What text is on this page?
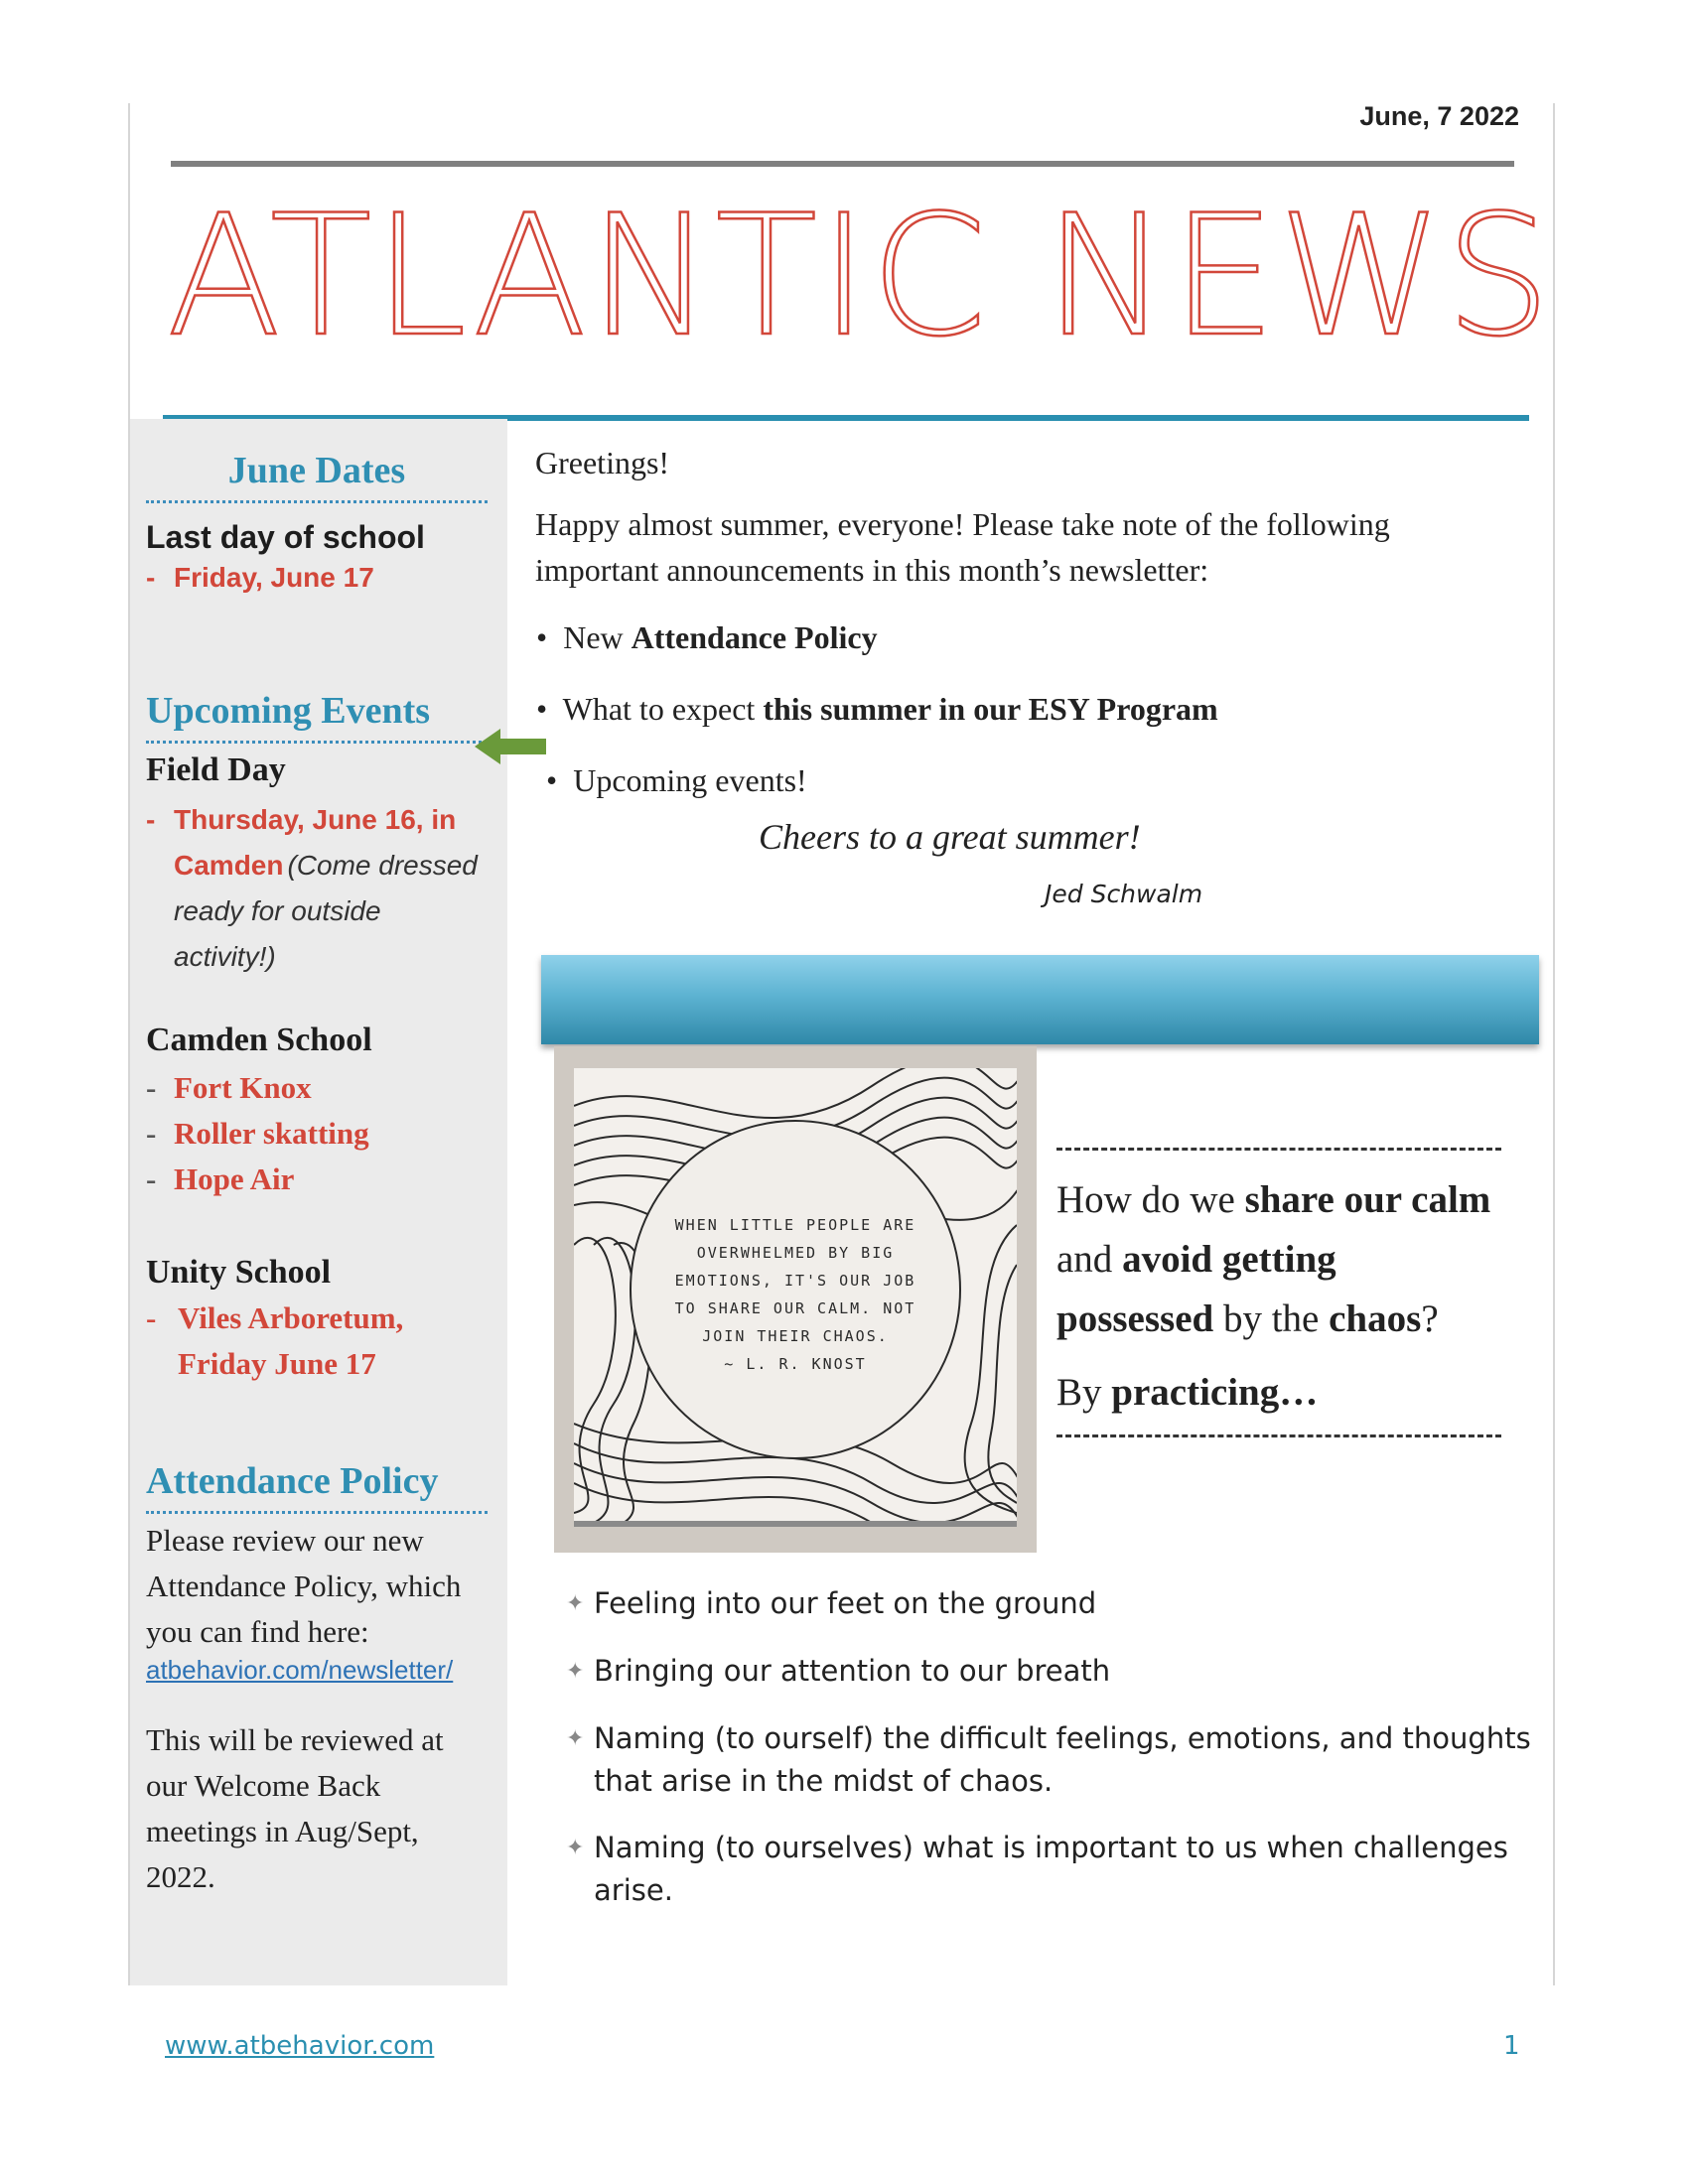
June, 7 2022
ATLANTIC NEWS
June Dates
Last day of school
- Friday, June 17
Upcoming Events
Field Day
- Thursday, June 16, in Camden (Come dressed ready for outside activity!)
Camden School
- Fort Knox
- Roller skatting
- Hope Air
Unity School
- Viles Arboretum, Friday June 17
Attendance Policy
Please review our new Attendance Policy, which you can find here:
atbehavior.com/newsletter/
This will be reviewed at our Welcome Back meetings in Aug/Sept, 2022.
Greetings!
Happy almost summer, everyone! Please take note of the following important announcements in this month’s newsletter:
•  New Attendance Policy
•  What to expect this summer in our ESY Program
•  Upcoming events!
Cheers to a great summer!
Jed Schwalm
WHEN LITTLE PEOPLE ARE
OVERWHELMED BY BIG
EMOTIONS, IT'S OUR JOB
TO SHARE OUR CALM. NOT
JOIN THEIR CHAOS.
~ L. R. KNOST
How do we share our calm and avoid getting possessed by the chaos?
By practicing…
✦ Feeling into our feet on the ground
✦ Bringing our attention to our breath
✦ Naming (to ourself) the difficult feelings, emotions, and thoughts that arise in the midst of chaos.
✦ Naming (to ourselves) what is important to us when challenges arise.
www.atbehavior.com	1
